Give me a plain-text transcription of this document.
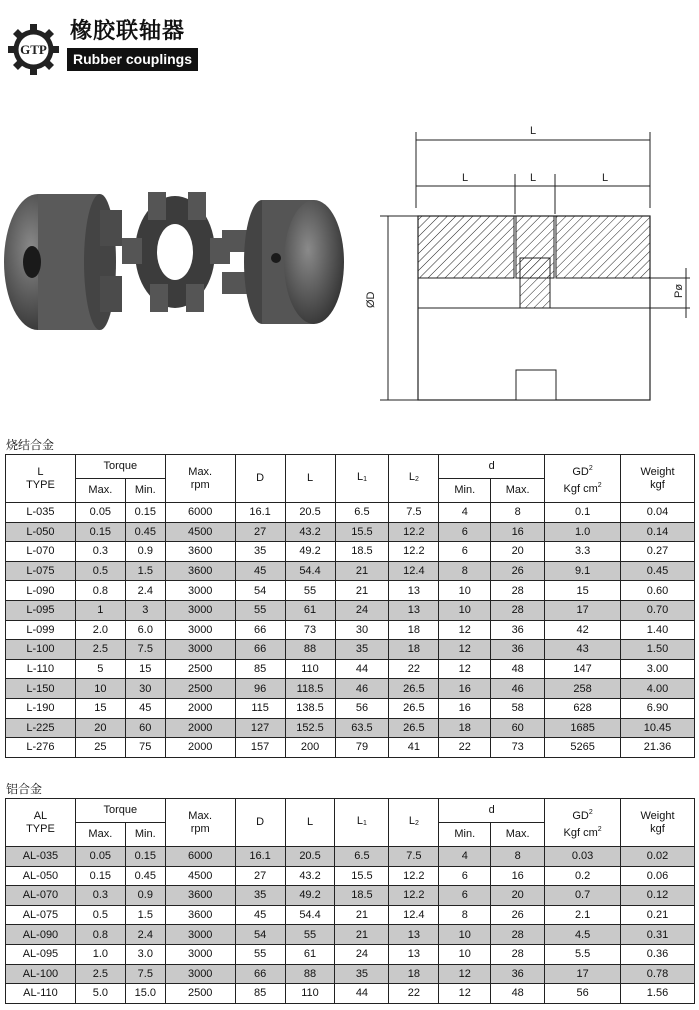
GTP
橡胶联轴器
Rubber couplings
L
L	L	L
ØD
Pø
烧结合金
L
TYPE	Torque		Max.
rpm	D	L	L1	L2	d		$GD^2$
Kgf $cm^2$	Weight
kgf
	Max.	Min.						Min.	Max.		
L-035	0.05	0.15	6000	16.1	20.5	6.5	7.5	4	8	0.1	0.04
L-050	0.15	0.45	4500	27	43.2	15.5	12.2	6	16	1.0	0.14
L-070	0.3	0.9	3600	35	49.2	18.5	12.2	6	20	3.3	0.27
L-075	0.5	1.5	3600	45	54.4	21	12.4	8	26	9.1	0.45
L-090	0.8	2.4	3000	54	55	21	13	10	28	15	0.60
L-095	1	3	3000	55	61	24	13	10	28	17	0.70
L-099	2.0	6.0	3000	66	73	30	18	12	36	42	1.40
L-100	2.5	7.5	3000	66	88	35	18	12	36	43	1.50
L-110	5	15	2500	85	110	44	22	12	48	147	3.00
L-150	10	30	2500	96	118.5	46	26.5	16	46	258	4.00
L-190	15	45	2000	115	138.5	56	26.5	16	58	628	6.90
L-225	20	60	2000	127	152.5	63.5	26.5	18	60	1685	10.45
L-276	25	75	2000	157	200	79	41	22	73	5265	21.36
铝合金
AL
TYPE	Torque		Max.
rpm	D	L	L1	L2	d		$GD^2$
Kgf $cm^2$	Weight
kgf
	Max.	Min.						Min.	Max.		
AL-035	0.05	0.15	6000	16.1	20.5	6.5	7.5	4	8	0.03	0.02
AL-050	0.15	0.45	4500	27	43.2	15.5	12.2	6	16	0.2	0.06
AL-070	0.3	0.9	3600	35	49.2	18.5	12.2	6	20	0.7	0.12
AL-075	0.5	1.5	3600	45	54.4	21	12.4	8	26	2.1	0.21
AL-090	0.8	2.4	3000	54	55	21	13	10	28	4.5	0.31
AL-095	1.0	3.0	3000	55	61	24	13	10	28	5.5	0.36
AL-100	2.5	7.5	3000	66	88	35	18	12	36	17	0.78
AL-110	5.0	15.0	2500	85	110	44	22	12	48	56	1.56
